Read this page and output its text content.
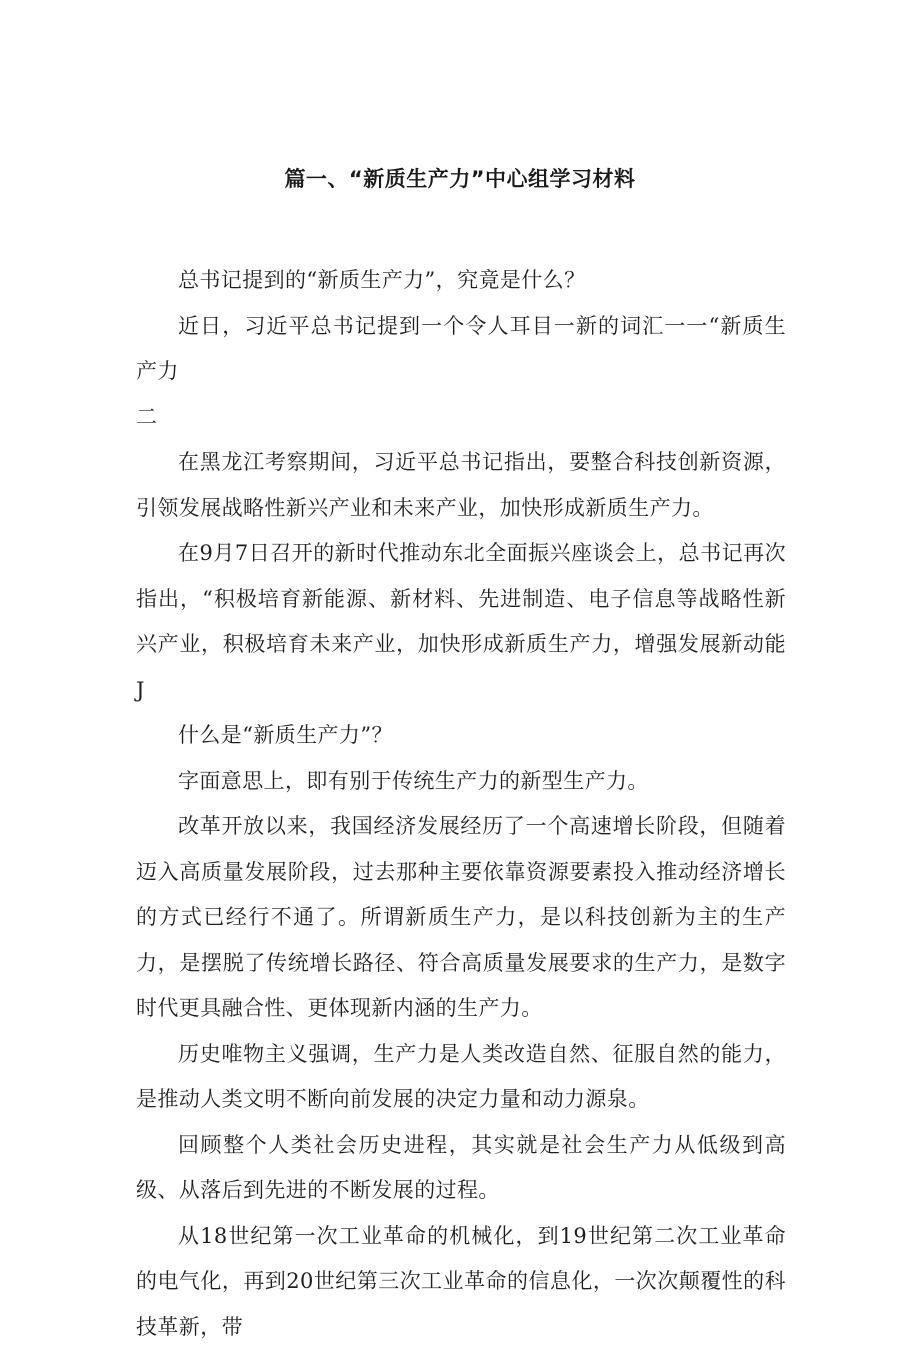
篇一、“新质生产力”中心组学习材料

总书记提到的“新质生产力”，究竟是什么？

近日，习近平总书记提到一个令人耳目一新的词汇一一“新质生产力

二

在黑龙江考察期间，习近平总书记指出，要整合科技创新资源，引领发展战略性新兴产业和未来产业，加快形成新质生产力。

在9月7日召开的新时代推动东北全面振兴座谈会上，总书记再次指出，“积极培育新能源、新材料、先进制造、电子信息等战略性新兴产业，积极培育未来产业，加快形成新质生产力，增强发展新动能J

什么是“新质生产力”？

字面意思上，即有别于传统生产力的新型生产力。

改革开放以来，我国经济发展经历了一个高速增长阶段，但随着迈入高质量发展阶段，过去那种主要依靠资源要素投入推动经济增长的方式已经行不通了。所谓新质生产力，是以科技创新为主的生产力，是摆脱了传统增长路径、符合高质量发展要求的生产力，是数字时代更具融合性、更体现新内涵的生产力。

历史唯物主义强调，生产力是人类改造自然、征服自然的能力，是推动人类文明不断向前发展的决定力量和动力源泉。

回顾整个人类社会历史进程，其实就是社会生产力从低级到高级、从落后到先进的不断发展的过程。

从18世纪第一次工业革命的机械化，到19世纪第二次工业革命的电气化，再到20世纪第三次工业革命的信息化，一次次颠覆性的科技革新，带
